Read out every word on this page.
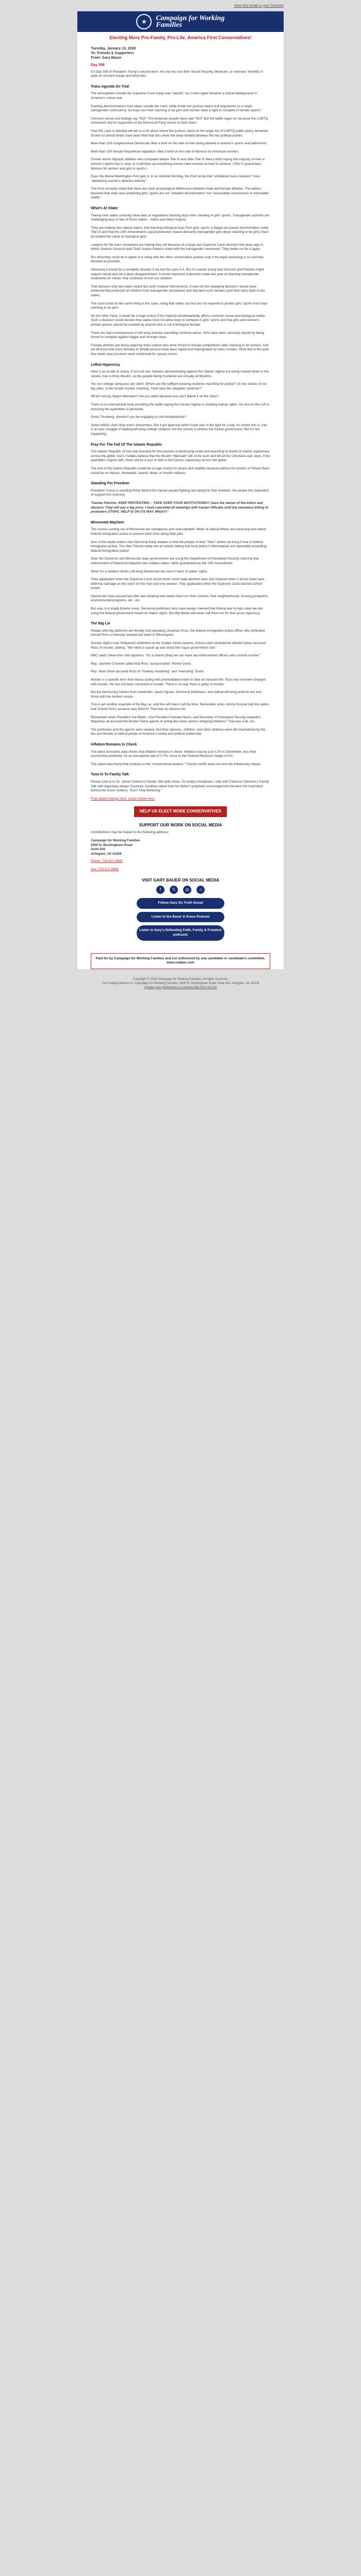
View this email in your browser
★	Campaign for Working
Families
Electing More Pro-Family, Pro-Life, America First Conservatives!
Tuesday, January 13, 2026
To: Friends & Supporters
From: Gary Bauer
Day 358

It's Day 358 of President Trump's second term. No one has lost their Social Security, Medicare, or veterans' benefits in spite of constant media and leftist lies.

Trans Agenda On Trial

The atmosphere outside the Supreme Court today was "electric" as it once again became a critical battleground in America's culture war.

Duelling demonstrations took place outside the court, while inside the justices heard oral arguments on a major transgender controversy. Do boys and men claiming to be girls and women have a right to compete in female sports?

Common sense and biology say "NO!" The American people have said "NO!" But the battle rages on because the LGBTQ movement and its supporters in the Democrat Party refuse to back down.

How this case is decided will tell us a lot about where the justices stand on the larger list of LGBTQ public policy demands. Scores of almost briefs have been filed that also show the deep divided between the two political parties.

More than 100 congressional Democrats filed a brief on the side of men being allowed in women's sports and bathrooms.

More than 100 Senate Republican legislators filed a brief on the side of fairness for American women.

Former tennis Olympic athletes who competed before Title IX and after Title IX filed a brief saying the majority of men in women's sports has to stop, or it will blow up everything women have worked so hard to achieve. (Title IX guarantees fairness for women and girls in sports.)

Even the liberal Washington Post gets it. In an editorial Monday, the Post wrote that "unfettered trans inclusion" risks "abolishing women's athletics entirely."

The Post correctly noted that there are clear physiological differences between male and female athletes. The editors declared that state laws protecting girls' sports are not "unlawful discrimination" but "reasonable concessions to immutable reality."

What's At Stake

Twenty-nine states currently have laws or regulations banning boys from cheating in girls' sports. Transgender activists are challenging laws in two of those states -- Idaho and West Virginia.

They are making two radical claims: that banning biological boys from girls' sports is illegal sex-based discrimination under Title IX and that the 14th Amendment's equal protection clause demands transgender girls (boys claiming to be girls) must be treated the same as biological girls.

Lawyers for the trans movement are hoping they will because of a treaty last Supreme Court decision five years ago in which Justices Gorsuch and Chief Justice Roberts sided with the transgender movement. They better not do it again.

But what they could do is agree to a ruling with the other conservative justices only if the legal reasoning is so narrowly decided as possible.

Obviously it would be a complete disaster if we lost the case 5-4. But it is easier losing that Gorsuch and Roberts might support would also be a deep disappointment. It would represent a decision made last year on banning transgender treatments for minors that continues to hurt our children.

That decision only last wave meant last such medical interventions. It was not the sweeping decision I would have preferred that protected all children from transgender procedures and liberated such families (and their kids) back to the states.

The court could do the same thing in this case, ruling that states can but are not required to protect girls' sports from boys claiming to be girls.

On the other hand, it would be a huge victory if the majority wholeheartedly affirms common sense and biological reality. Such a decision would declare that states must not allow boys to compete in girls' sports and that girls and women's private spaces cannot be invaded by anyone who is not a biological female.

There are real consequences to left-wing insanity overriding common sense. Girls have been seriously injured by being forced to compete against bigger and stronger boys.

Female athletes are being raped by trans culture who were forced to female competitions after claiming to be women. And we all know that more females in female prisons have been raped and impregnated by trans inmates. Most tied in the past few weeks and prisoners were sentenced for sexual crimes.

Leftist Hypocrisy

Here is an al tale of chaos, if not civil war. Iranians demonstrating against the Islamic regime are being mowed down in the streets. Iran is thirty Muslim, so the people being murdered are virtually all Muslims.

Yet, our college campuses are silent. Where are the keffiyeh-wearing students marching for justice? On the streets of our big cities, is the hostile crowds chanting, "How dare the slaughter continue?"

What's wrong, Mayor Mamdani? Are you silent because you can't blame it on the Jews?

There is no international body providing the battle saying the Iranian regime is violating human rights. No one on the Left is accusing the ayatollahs of genocide.

Greta Thunberg, shouldn't you be engaging in civil disobedience?

Some leftists claim they aren't antisemites. But it got approval when Israel was in the fight for a day. It's where this is. Iran is an epic struggle of leading left-wing college students into the streets to protest the Iranian government. But it's not happening.

Pray For The Fall Of The Islamic Republic

The Islamic Republic of Iran was founded for the purpose of destroying Israel and exporting its brand of Islamic supremacy across the globe. Iran's mullahs believe that the Muslim "Messiah" will come soon and kill all the Christians and Jews. If the ayatollah's regime falls, there will be a loss of faith in the Islamic supremacy across the globe.

The end of the Islamic Republic would be a huge victory for peace and stability because without the tyrants of Tehran there would be no Hamas, Hezbollah, Islamic Jihad, or Houthi militants.

Standing For Freedom

President Trump is standing firmly behind the Iranian people fighting and dying for their freedom. He posted this statement of support this morning:

"Iranian Patriots, KEEP PROTESTING -- TAKE OVER YOUR INSTITUTIONS!!! Save the names of the killers and abusers. They will pay a big price. I have cancelled all meetings with Iranian Officials until the senseless killing of protesters STOPS. HELP IS ON ITS WAY. MIGA!!!"

Minnesota Mayhem

The scenes coming out of Minnesota are outrageous and unacceptable. Mobs of radical leftists are harassing and attack federal immigration police to prevent them from doing their jobs.

One of the media claims that Democrat Party leaders in that the people of their "Sites" where we bring it that of federal immigration police. The Star Tribune today has an article stating that local police in Minneapolis are reportedly assaulting federal immigration police!

Now, the Governor and Minnesota state governments are suing the Department of Homeland Security claiming that enforcement of federal immigration law violates states' rights guaranteed by the 10th Amendment.

Wow! It's a modern Hiram Left-wing Democrats are now in favor of states' rights.

They applauded when the Supreme Court struck down some state abortion laws and cheered when it struck down laws defining marriage as the union of one man and one woman. They applauded when the Supreme Court banned school prayer.

Democrats have passed law after law violating how states must run their schools, their neighborhoods, housing programs, environmental programs, etc., etc.

But now, in a totally bizarre move, Democrat politicians who have always claimed that federal law trumps state law are suing the federal government based on states' rights. But Big Media will never call them out for their gross hypocrisy.

The Big Lie

People with big platforms are literally and repeating Jonathan Ross, the federal immigration police officer who defended himself from a vehicular assault last week in Minneapolis.

Sunday night it was Hollywood celebrities at the Golden Globe Awards. Actress and comedienne Wanda Sykes accused Ross of murder, adding: "We need to speak up and resist this rogue government now."

NBC said's Steve Kerr told reporters, "It's a shame [that] we can have law enforcement officers who commit murder."

Rep. Jasmine Crockett called that Ross "assassinated" Renee Good.

Rep. Ilhan Omar accused Ross of "cowerly murdering" and "executing" Good.

Murder is a specific term that means acting with premeditated intent to take an innocent life. Ross has not been charged with murder. He has not been convicted of murder. There is no way there is guilty of murder.

But the democracy follows from celebrities, sports figures, Democrat politicians, and radical left-wing activists fan and those with the loudest voices.

This is yet another example of the Big Lie, and the Left does it all the time. Remember when Jimmy Kimmel told the nation that Charlie Kirk's assassin was MAGA? That was an obvious lie!

Remember when President Joe Biden, Vice President Kamala Harris, and Secretary of Homeland Security Alejandro Mayorkas all accused the Border Patrol agents of acting like slave owners whipping Haitians? That was a lie, too.

The politicians and the agents were cleared. But their spouses, children, and other relatives were left traumatized by the lies and threats of radical people in America's media and political leadership.

Inflation Remains In Check

The latest economic data shows that inflation remains in check. Inflation rose by just 0.2% in December, less than economists predicted, for an annualized rate of 2.7%, close to the Federal Reserve's target of 2%.

The report also found that contrary to the "conventional wisdom," Trump's tariffs have not sent the inflationary impact.

Tune In To Family Talk

Please tune in to Dr. James Dobson's Family Talk radio show. On today's broadcast, I talk with Clarence Clemens's Family Talk with legendary lawyer Courtney Jonathan about how his father's prophetic encouragement became the inspiration behind the iconic anthem, "Don't Stop Believing."

Find station listings here. Listen online here.

HELP US ELECT MORE CONSERVATIVES
SUPPORT OUR WORK ON SOCIAL MEDIA

Contributions may be mailed to the following address:

Campaign for Working Families

3300 N. Buckingham Road

Suite 830

Arlington, VA 22209

Phone: 703-671-8800

Fax: 703-671-8899

VISIT GARY BAUER ON SOCIAL MEDIA
f	𝕏	◎	⌂
Follow Gary On Truth Social
Listen to the Bauer & Kraus Podcast
Listen to Gary's Defending Faith, Family & Freedom podcasts
Paid for by Campaign for Working Families and not authorized by any candidate or candidate's committee. www.cwfpac.com
Copyright © 2026 Campaign for Working Families, All rights reserved.
Our mailing address is: Campaign for Working Families, 3300 N. Buckingham Road Suite 830, Arlington, VA 22209
Update your preferences or unsubscribe from this list
